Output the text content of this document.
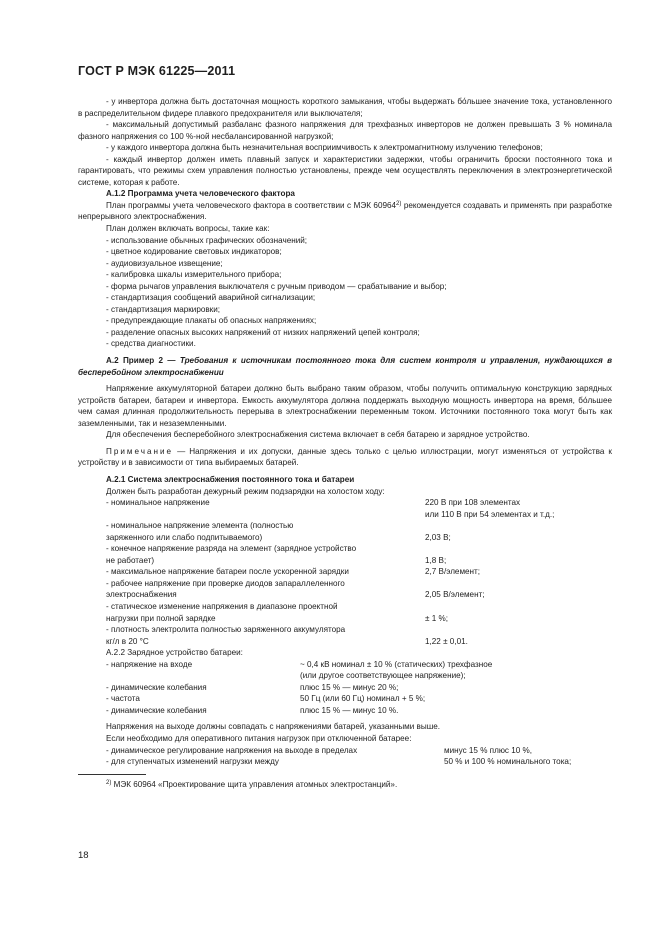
ГОСТ Р МЭК 61225—2011

- у инвертора должна быть достаточная мощность короткого замыкания, чтобы выдержать бо́льшее значение тока, установленного в распределительном фидере плавкого предохранителя или выключателя;

- максимальный допустимый разбаланс фазного напряжения для трехфазных инверторов не должен превышать 3 % номинала фазного напряжения со 100 %-ной несбалансированной нагрузкой;

- у каждого инвертора должна быть незначительная восприимчивость к электромагнитному излучению телефонов;

- каждый инвертор должен иметь плавный запуск и характеристики задержки, чтобы ограничить броски постоянного тока и гарантировать, что режимы схем управления полностью установлены, прежде чем осуществлять переключения в электроэнергетической системе, которая к работе.

А.1.2 Программа учета человеческого фактора

План программы учета человеческого фактора в соответствии с МЭК 60964$^{2)}$ рекомендуется создавать и применять при разработке непрерывного электроснабжения.

План должен включать вопросы, такие как:

- использование обычных графических обозначений;

- цветное кодирование световых индикаторов;

- аудиовизуальное извещение;

- калибровка шкалы измерительного прибора;

- форма рычагов управления выключателя с ручным приводом — срабатывание и выбор;

- стандартизация сообщений аварийной сигнализации;

- стандартизация маркировки;

- предупреждающие плакаты об опасных напряжениях;

- разделение опасных высоких напряжений от низких напряжений цепей контроля;

- средства диагностики.

А.2 Пример 2 — Требования к источникам постоянного тока для систем контроля и управления, нуждающихся в бесперебойном электроснабжении

Напряжение аккумуляторной батареи должно быть выбрано таким образом, чтобы получить оптимальную конструкцию зарядных устройств батареи, батареи и инвертора. Емкость аккумулятора должна поддержать выходную мощность инвертора на время, бо́льшее чем самая длинная продолжительность перерыва в электроснабжении переменным током. Источники постоянного тока могут быть как заземленными, так и незаземленными.

Для обеспечения бесперебойного электроснабжения система включает в себя батарею и зарядное устройство.

Примечание — Напряжения и их допуски, данные здесь только с целью иллюстрации, могут изменяться от устройства к устройству и в зависимости от типа выбираемых батарей.

А.2.1 Система электроснабжения постоянного тока и батареи

Должен быть разработан дежурный режим подзарядки на холостом ходу:

- номинальное напряжение	220 В при 108 элементах
или 110 В при 54 элементах и т.д.;
- номинальное напряжение элемента (полностью
заряженного или слабо подпитываемого)	2,03 В;
- конечное напряжение разряда на элемент (зарядное устройство
не работает)	1,8 В;
- максимальное напряжение батареи после ускоренной зарядки	2,7 В/элемент;
- рабочее напряжение при проверке диодов запараллеленного
электроснабжения	2,05 В/элемент;
- статическое изменение напряжения в диапазоне проектной
нагрузки при полной зарядке	± 1 %;
- плотность электролита полностью заряженного аккумулятора
кг/л в 20 °C	1,22 ± 0,01.

А.2.2 Зарядное устройство батареи:

- напряжение на входе	~ 0,4 кВ номинал ± 10 % (статических) трехфазное
(или другое соответствующее напряжение);
- динамические колебания	плюс 15 % — минус 20 %;
- частота	50 Гц (или 60 Гц) номинал + 5 %;
- динамические колебания	плюс 15 % — минус 10 %.

Напряжения на выходе должны совпадать с напряжениями батарей, указанными выше.

Если необходимо для оперативного питания нагрузок при отключенной батарее:

- динамическое регулирование напряжения на выходе в пределах	минус 15 % плюс 10 %,
- для ступенчатых изменений нагрузки между	50 % и 100 % номинального тока;

$^{2)}$ МЭК 60964 «Проектирование щита управления атомных электростанций».

18
